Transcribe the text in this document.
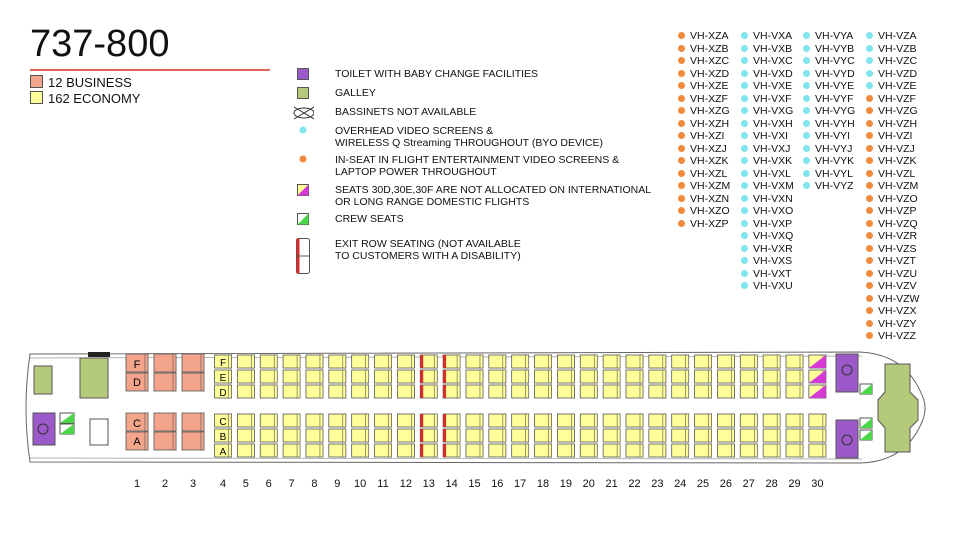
737-800
12 BUSINESS
162 ECONOMY
TOILET WITH BABY CHANGE FACILITIES
GALLEY
BASSINETS NOT AVAILABLE
OVERHEAD VIDEO SCREENS &
WIRELESS Q Streaming THROUGHOUT (BYO DEVICE)
IN-SEAT IN FLIGHT ENTERTAINMENT VIDEO SCREENS &
LAPTOP POWER THROUGHOUT
SEATS 30D,30E,30F ARE NOT ALLOCATED ON INTERNATIONAL
OR LONG RANGE DOMESTIC FLIGHTS
CREW SEATS
EXIT ROW SEATING (NOT AVAILABLE
TO CUSTOMERS WITH A DISABILITY)
VH-XZA
VH-XZB
VH-XZC
VH-XZD
VH-XZE
VH-XZF
VH-XZG
VH-XZH
VH-XZI
VH-XZJ
VH-XZK
VH-XZL
VH-XZM
VH-XZN
VH-XZO
VH-XZP
VH-VXA
VH-VXB
VH-VXC
VH-VXD
VH-VXE
VH-VXF
VH-VXG
VH-VXH
VH-VXI
VH-VXJ
VH-VXK
VH-VXL
VH-VXM
VH-VXN
VH-VXO
VH-VXP
VH-VXQ
VH-VXR
VH-VXS
VH-VXT
VH-VXU
VH-VYA
VH-VYB
VH-VYC
VH-VYD
VH-VYE
VH-VYF
VH-VYG
VH-VYH
VH-VYI
VH-VYJ
VH-VYK
VH-VYL
VH-VYZ
VH-VZA
VH-VZB
VH-VZC
VH-VZD
VH-VZE
VH-VZF
VH-VZG
VH-VZH
VH-VZI
VH-VZJ
VH-VZK
VH-VZL
VH-VZM
VH-VZO
VH-VZP
VH-VZQ
VH-VZR
VH-VZS
VH-VZT
VH-VZU
VH-VZV
VH-VZW
VH-VZX
VH-VZY
VH-VZZ
F
D
C
A
F
E
D
C
B
A
1 2 3 4 5 6 7 8 9 10 11 12 13 14 15 16 17 18 19 20 21 22 23 24 25 26 27 28 29 30
